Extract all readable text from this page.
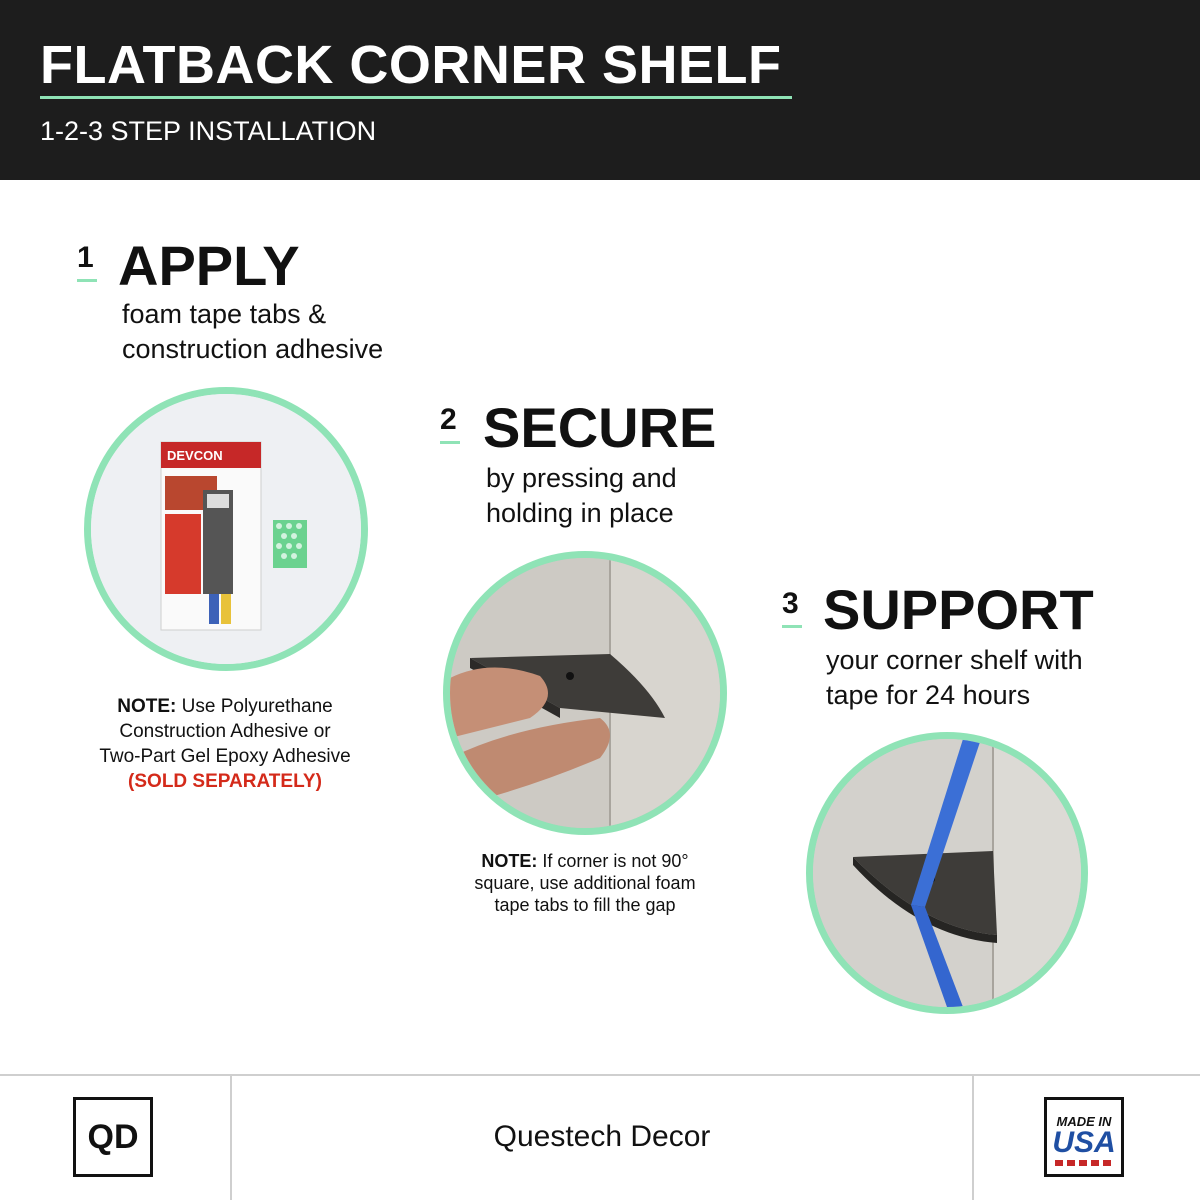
FLATBACK CORNER SHELF
1-2-3 STEP INSTALLATION
1 APPLY
foam tape tabs &
construction adhesive
DEVCON
NOTE: Use Polyurethane
Construction Adhesive or
Two-Part Gel Epoxy Adhesive
(SOLD SEPARATELY)
2 SECURE
by pressing and
holding in place
NOTE: If corner is not 90°
square, use additional foam
tape tabs to fill the gap
3 SUPPORT
your corner shelf with
tape for 24 hours
QD	Questech Decor	MADE IN
USA
